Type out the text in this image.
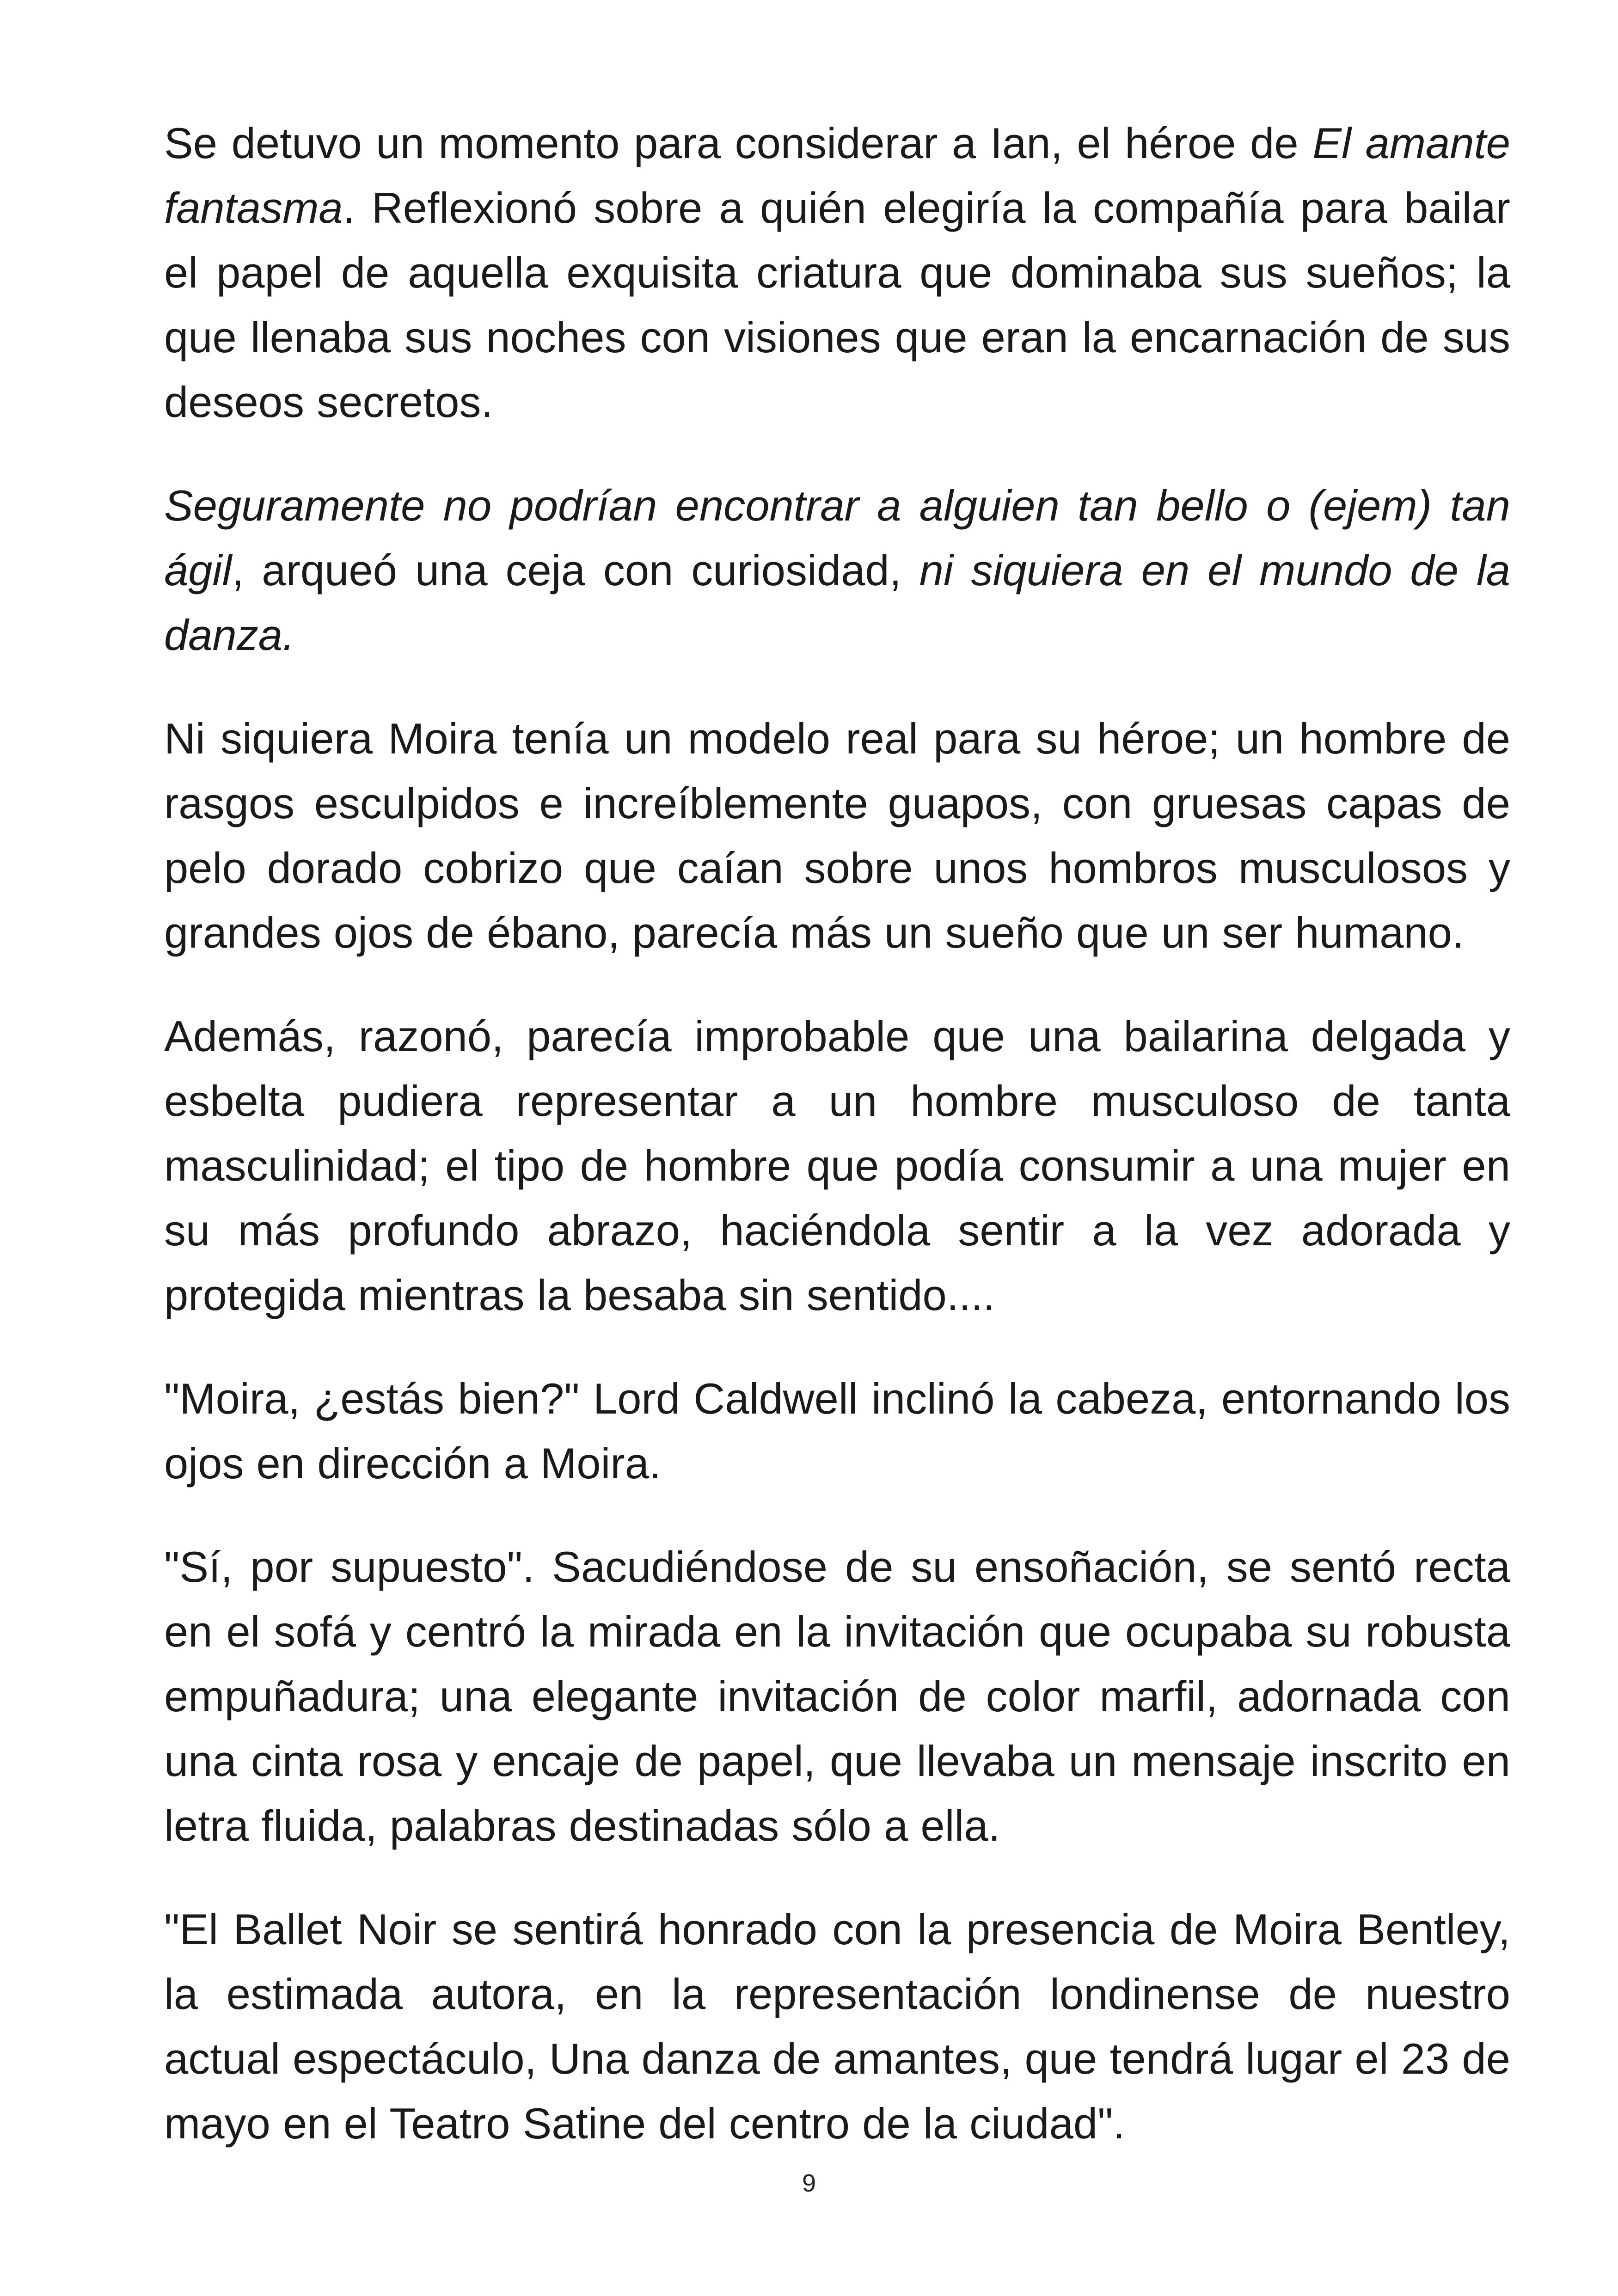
Se detuvo un momento para considerar a Ian, el héroe de El amante fantasma. Reflexionó sobre a quién elegiría la compañía para bailar el papel de aquella exquisita criatura que dominaba sus sueños; la que llenaba sus noches con visiones que eran la encarnación de sus deseos secretos.

Seguramente no podrían encontrar a alguien tan bello o (ejem) tan ágil, arqueó una ceja con curiosidad, ni siquiera en el mundo de la danza.

Ni siquiera Moira tenía un modelo real para su héroe; un hombre de rasgos esculpidos e increíblemente guapos, con gruesas capas de pelo dorado cobrizo que caían sobre unos hombros musculosos y grandes ojos de ébano, parecía más un sueño que un ser humano.

Además, razonó, parecía improbable que una bailarina delgada y esbelta pudiera representar a un hombre musculoso de tanta masculinidad; el tipo de hombre que podía consumir a una mujer en su más profundo abrazo, haciéndola sentir a la vez adorada y protegida mientras la besaba sin sentido....

"Moira, ¿estás bien?" Lord Caldwell inclinó la cabeza, entornando los ojos en dirección a Moira.

"Sí, por supuesto". Sacudiéndose de su ensoñación, se sentó recta en el sofá y centró la mirada en la invitación que ocupaba su robusta empuñadura; una elegante invitación de color marfil, adornada con una cinta rosa y encaje de papel, que llevaba un mensaje inscrito en letra fluida, palabras destinadas sólo a ella.

"El Ballet Noir se sentirá honrado con la presencia de Moira Bentley, la estimada autora, en la representación londinense de nuestro actual espectáculo, Una danza de amantes, que tendrá lugar el 23 de mayo en el Teatro Satine del centro de la ciudad".

9
